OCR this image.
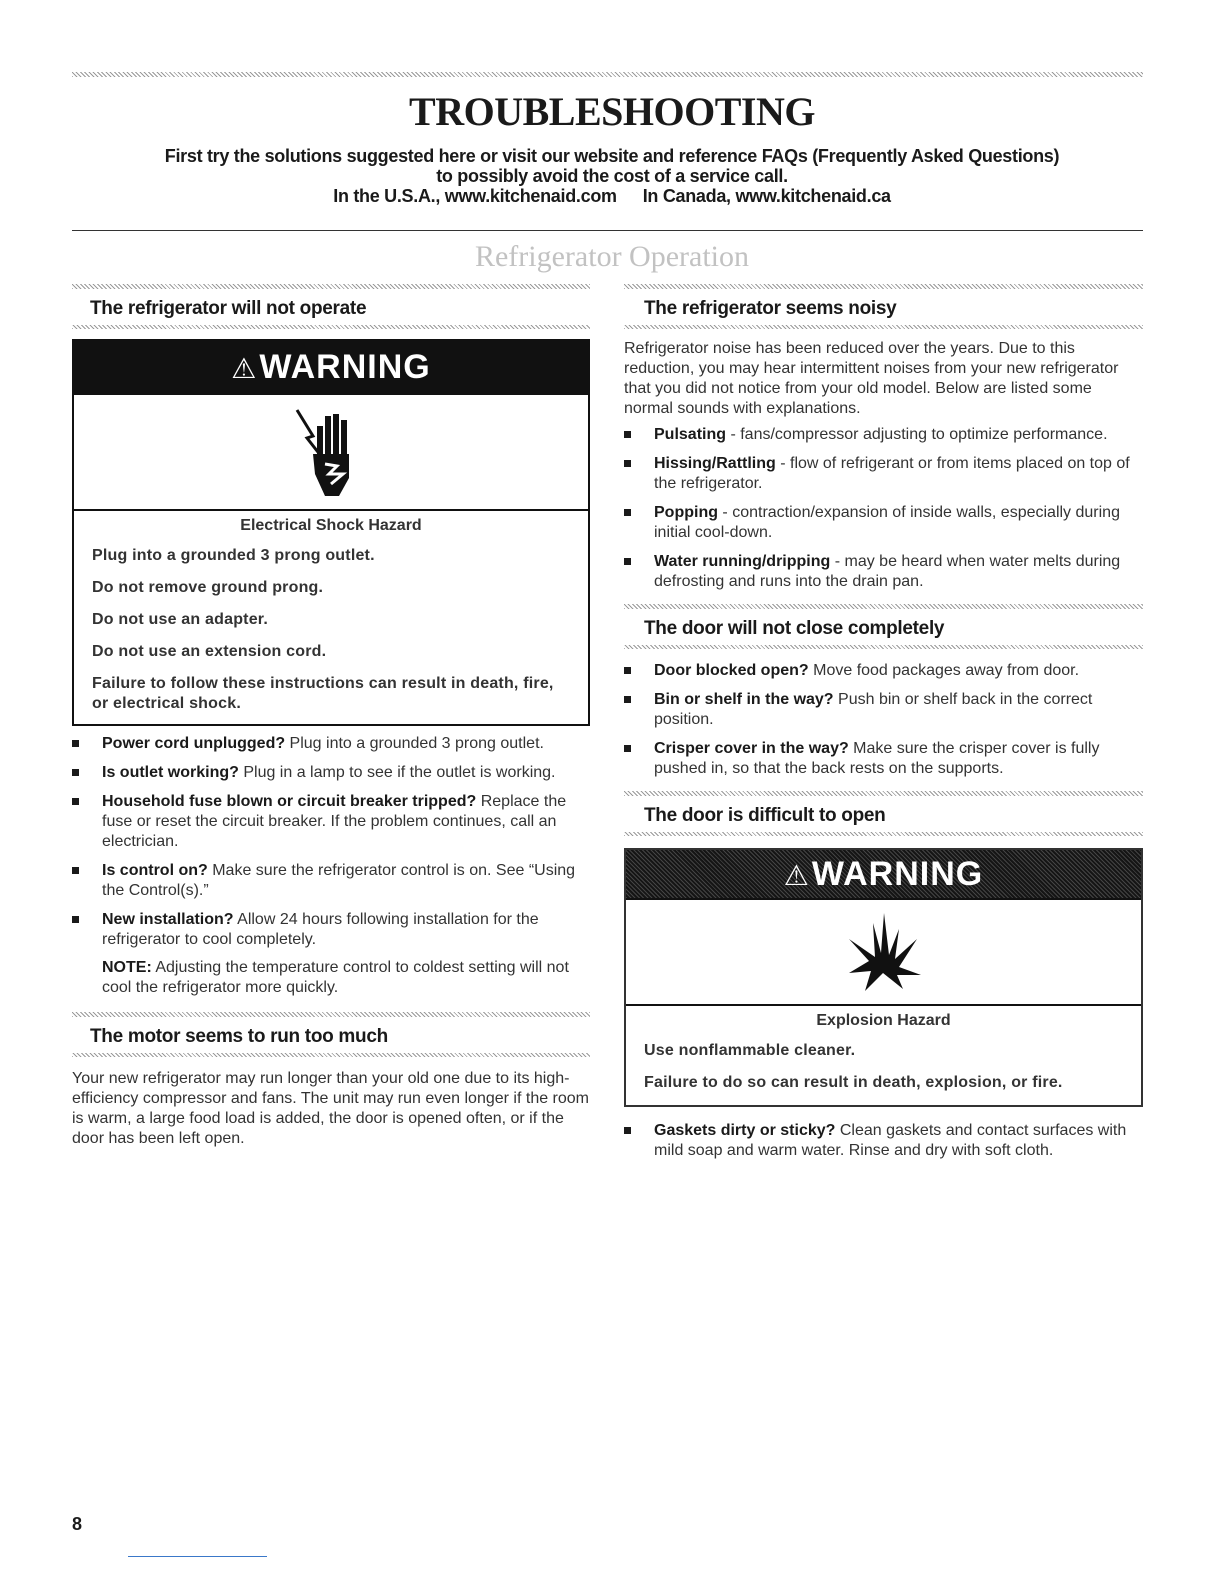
TROUBLESHOOTING
First try the solutions suggested here or visit our website and reference FAQs (Frequently Asked Questions)
to possibly avoid the cost of a service call.
In the U.S.A., www.kitchenaid.com In Canada, www.kitchenaid.ca
Refrigerator Operation
The refrigerator will not operate
⚠WARNING
Electrical Shock Hazard

Plug into a grounded 3 prong outlet.

Do not remove ground prong.

Do not use an adapter.

Do not use an extension cord.

Failure to follow these instructions can result in death, fire, or electrical shock.

Power cord unplugged? Plug into a grounded 3 prong outlet.
Is outlet working? Plug in a lamp to see if the outlet is working.
Household fuse blown or circuit breaker tripped? Replace the fuse or reset the circuit breaker. If the problem continues, call an electrician.
Is control on? Make sure the refrigerator control is on. See “Using the Control(s).”
New installation? Allow 24 hours following installation for the refrigerator to cool completely.
NOTE: Adjusting the temperature control to coldest setting will not cool the refrigerator more quickly.
The motor seems to run too much
Your new refrigerator may run longer than your old one due to its high-efficiency compressor and fans. The unit may run even longer if the room is warm, a large food load is added, the door is opened often, or if the door has been left open.
The refrigerator seems noisy
Refrigerator noise has been reduced over the years. Due to this reduction, you may hear intermittent noises from your new refrigerator that you did not notice from your old model. Below are listed some normal sounds with explanations.
Pulsating - fans/compressor adjusting to optimize performance.
Hissing/Rattling - flow of refrigerant or from items placed on top of the refrigerator.
Popping - contraction/expansion of inside walls, especially during initial cool-down.
Water running/dripping - may be heard when water melts during defrosting and runs into the drain pan.
The door will not close completely
Door blocked open? Move food packages away from door.
Bin or shelf in the way? Push bin or shelf back in the correct position.
Crisper cover in the way? Make sure the crisper cover is fully pushed in, so that the back rests on the supports.
The door is difficult to open
⚠WARNING
Explosion Hazard

Use nonflammable cleaner.

Failure to do so can result in death, explosion, or fire.

Gaskets dirty or sticky? Clean gaskets and contact surfaces with mild soap and warm water. Rinse and dry with soft cloth.
8
